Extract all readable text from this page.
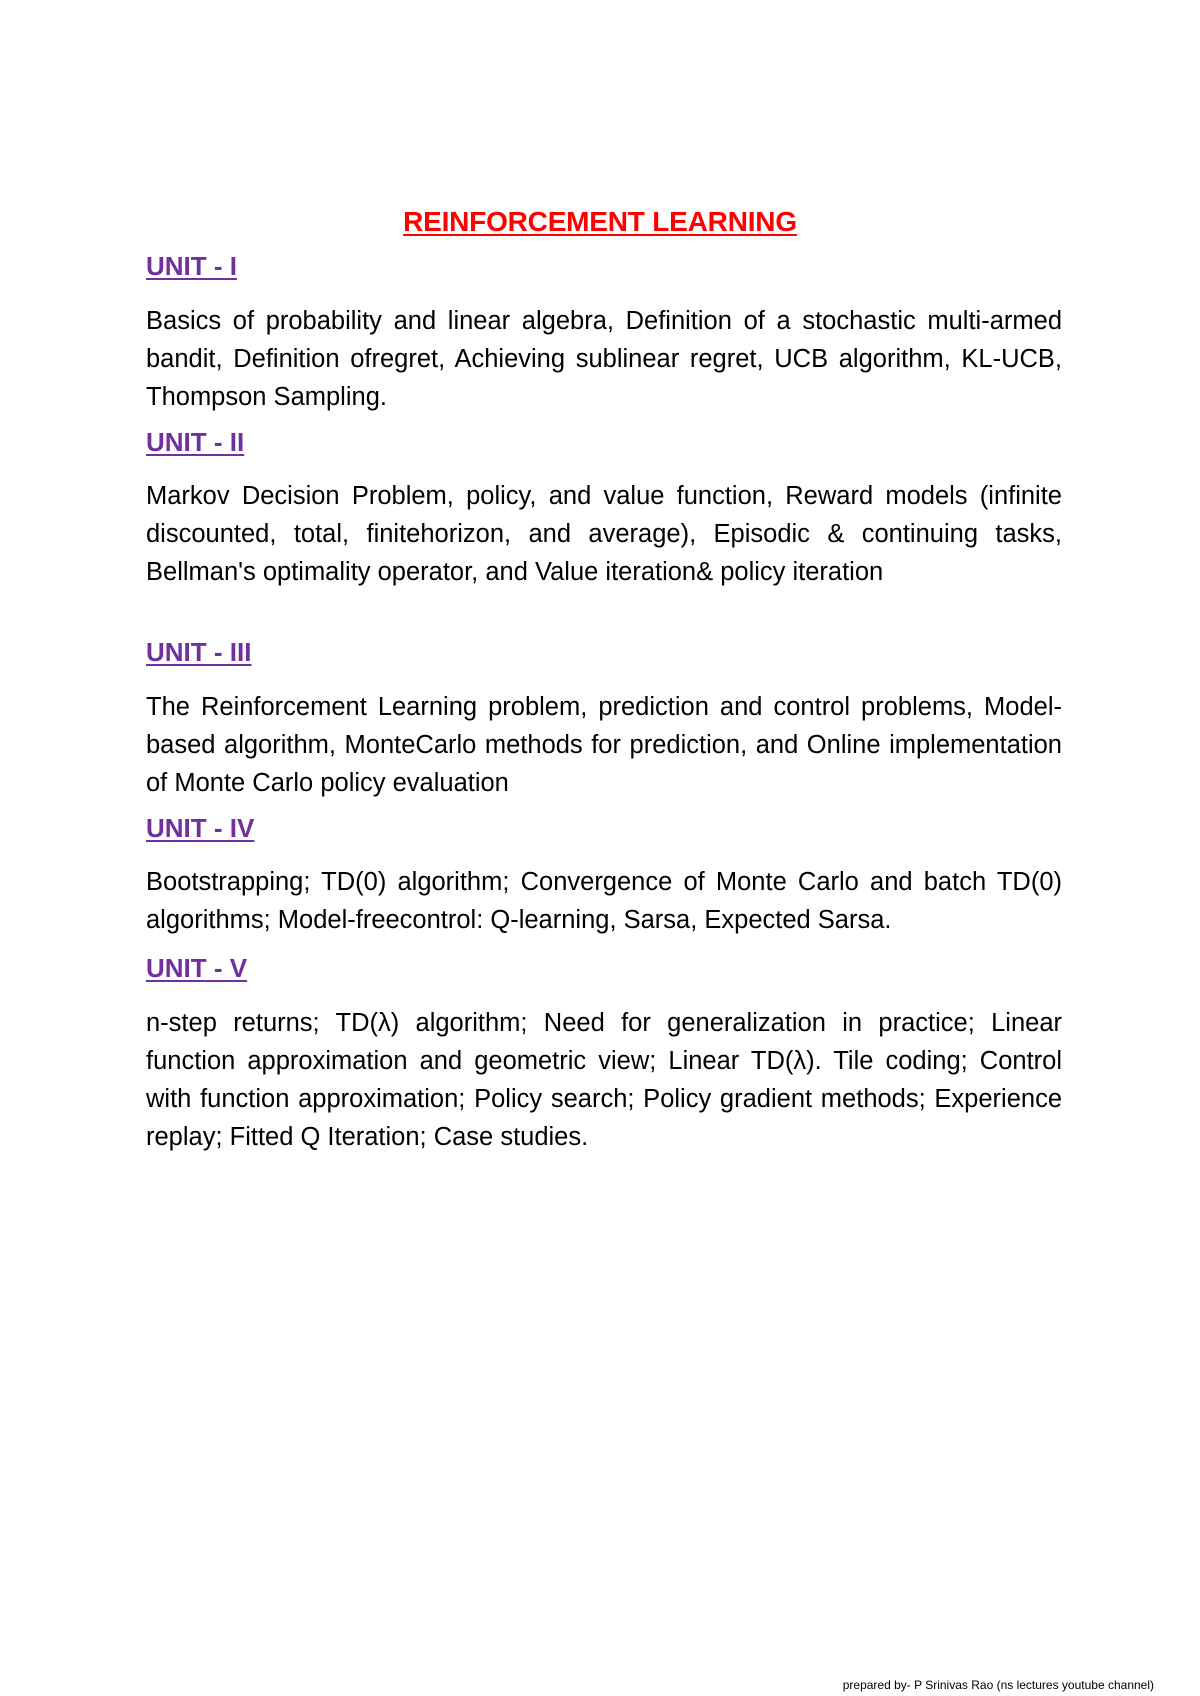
REINFORCEMENT LEARNING
UNIT - I

Basics of probability and linear algebra, Definition of a stochastic multi-armed bandit, Definition ofregret, Achieving sublinear regret, UCB algorithm, KL-UCB, Thompson Sampling.

UNIT - II

Markov Decision Problem, policy, and value function, Reward models (infinite discounted, total, finitehorizon, and average), Episodic & continuing tasks, Bellman's optimality operator, and Value iteration& policy iteration

UNIT - III

The Reinforcement Learning problem, prediction and control problems, Model-based algorithm, MonteCarlo methods for prediction, and Online implementation of Monte Carlo policy evaluation

UNIT - IV

Bootstrapping; TD(0) algorithm; Convergence of Monte Carlo and batch TD(0) algorithms; Model-freecontrol: Q-learning, Sarsa, Expected Sarsa.

UNIT - V

n-step returns; TD(λ) algorithm; Need for generalization in practice; Linear function approximation and geometric view; Linear TD(λ). Tile coding; Control with function approximation; Policy search; Policy gradient methods; Experience replay; Fitted Q Iteration; Case studies.

prepared by- P Srinivas Rao (ns lectures youtube channel)
